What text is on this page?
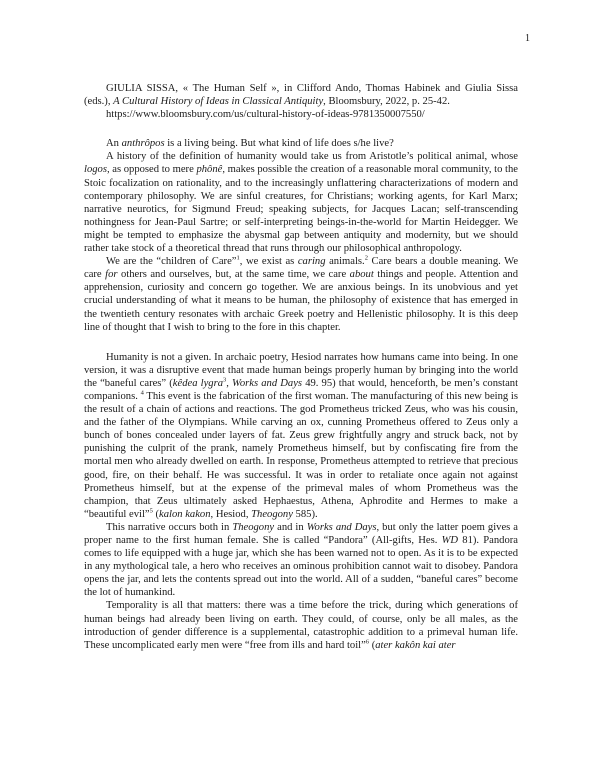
1

GIULIA SISSA, « The Human Self », in Clifford Ando, Thomas Habinek and Giulia Sissa (eds.), A Cultural History of Ideas in Classical Antiquity, Bloomsbury, 2022, p. 25-42.

https://www.bloomsbury.com/us/cultural-history-of-ideas-9781350007550/

An anthrôpos is a living being. But what kind of life does s/he live?

A history of the definition of humanity would take us from Aristotle’s political animal, whose logos, as opposed to mere phônê, makes possible the creation of a reasonable moral community, to the Stoic focalization on rationality, and to the increasingly unflattering characterizations of modern and contemporary philosophy. We are sinful creatures, for Christians; working agents, for Karl Marx; narrative neurotics, for Sigmund Freud; speaking subjects, for Jacques Lacan; self-transcending nothingness for Jean-Paul Sartre; or self-interpreting beings-in-the-world for Martin Heidegger. We might be tempted to emphasize the abysmal gap between antiquity and modernity, but we should rather take stock of a theoretical thread that runs through our philosophical anthropology.

We are the “children of Care”$^1$, we exist as caring animals.$^2$ Care bears a double meaning. We care for others and ourselves, but, at the same time, we care about things and people. Attention and apprehension, curiosity and concern go together. We are anxious beings. In its unobvious and yet crucial understanding of what it means to be human, the philosophy of existence that has emerged in the twentieth century resonates with archaic Greek poetry and Hellenistic philosophy. It is this deep line of thought that I wish to bring to the fore in this chapter.

Humanity is not a given. In archaic poetry, Hesiod narrates how humans came into being. In one version, it was a disruptive event that made human beings properly human by bringing into the world the “baneful cares” (kêdea lygra$^3$, Works and Days 49. 95) that would, henceforth, be men’s constant companions. $^4$ This event is the fabrication of the first woman. The manufacturing of this new being is the result of a chain of actions and reactions. The god Prometheus tricked Zeus, who was his cousin, and the father of the Olympians. While carving an ox, cunning Prometheus offered to Zeus only a bunch of bones concealed under layers of fat. Zeus grew frightfully angry and struck back, not by punishing the culprit of the prank, namely Prometheus himself, but by confiscating fire from the mortal men who already dwelled on earth. In response, Prometheus attempted to retrieve that precious good, fire, on their behalf. He was successful. It was in order to retaliate once again not against Prometheus himself, but at the expense of the primeval males of whom Prometheus was the champion, that Zeus ultimately asked Hephaestus, Athena, Aphrodite and Hermes to make a “beautiful evil”$^5$ (kalon kakon, Hesiod, Theogony 585).

This narrative occurs both in Theogony and in Works and Days, but only the latter poem gives a proper name to the first human female. She is called “Pandora” (All-gifts, Hes. WD 81). Pandora comes to life equipped with a huge jar, which she has been warned not to open. As it is to be expected in any mythological tale, a hero who receives an ominous prohibition cannot wait to disobey. Pandora opens the jar, and lets the contents spread out into the world. All of a sudden, “baneful cares” become the lot of humankind.

Temporality is all that matters: there was a time before the trick, during which generations of human beings had already been living on earth. They could, of course, only be all males, as the introduction of gender difference is a supplemental, catastrophic addition to a primeval human life. These uncomplicated early men were “free from ills and hard toil”$^6$ (ater kakôn kai ater
